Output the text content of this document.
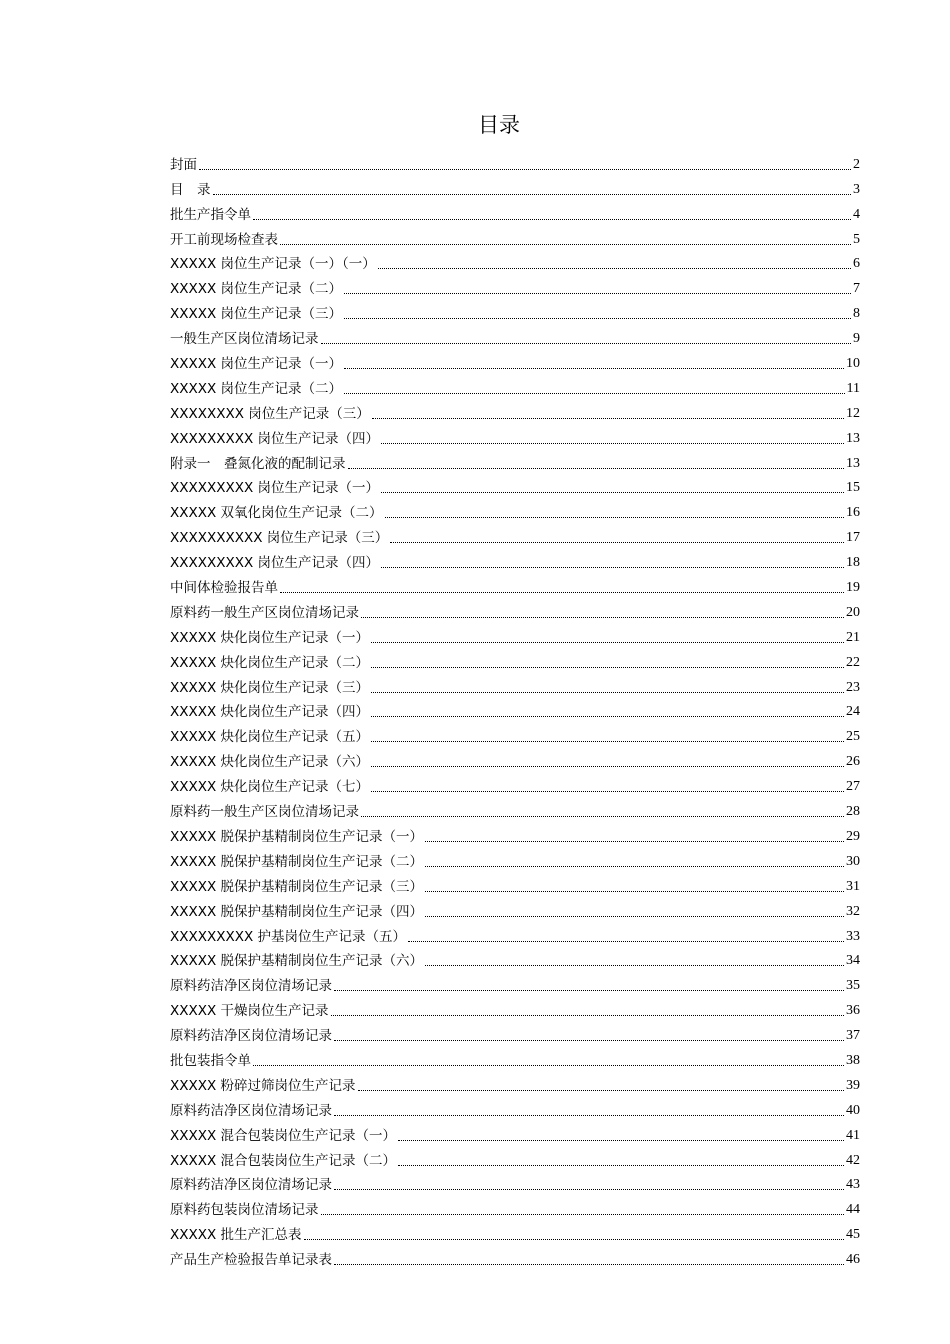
目录
封面	2
目　录	3
批生产指令单	4
开工前现场检查表	5
XXXXX 岗位生产记录（一）（一）	6
XXXXX 岗位生产记录（二）	7
XXXXX 岗位生产记录（三）	8
一般生产区岗位清场记录	9
XXXXX 岗位生产记录（一）	10
XXXXX 岗位生产记录（二）	11
XXXXXXXX 岗位生产记录（三）	12
XXXXXXXXX 岗位生产记录（四）	13
附录一　叠氮化液的配制记录	13
XXXXXXXXX 岗位生产记录（一）	15
XXXXX 双氧化岗位生产记录（二）	16
XXXXXXXXXX 岗位生产记录（三）	17
XXXXXXXXX 岗位生产记录（四）	18
中间体检验报告单	19
原料药一般生产区岗位清场记录	20
XXXXX 炔化岗位生产记录（一）	21
XXXXX 炔化岗位生产记录（二）	22
XXXXX 炔化岗位生产记录（三）	23
XXXXX 炔化岗位生产记录（四）	24
XXXXX 炔化岗位生产记录（五）	25
XXXXX 炔化岗位生产记录（六）	26
XXXXX 炔化岗位生产记录（七）	27
原料药一般生产区岗位清场记录	28
XXXXX 脱保护基精制岗位生产记录（一）	29
XXXXX 脱保护基精制岗位生产记录（二）	30
XXXXX 脱保护基精制岗位生产记录（三）	31
XXXXX 脱保护基精制岗位生产记录（四）	32
XXXXXXXXX 护基岗位生产记录（五）	33
XXXXX 脱保护基精制岗位生产记录（六）	34
原料药洁净区岗位清场记录	35
XXXXX 干燥岗位生产记录	36
原料药洁净区岗位清场记录	37
批包装指令单	38
XXXXX 粉碎过筛岗位生产记录	39
原料药洁净区岗位清场记录	40
XXXXX 混合包装岗位生产记录（一）	41
XXXXX 混合包装岗位生产记录（二）	42
原料药洁净区岗位清场记录	43
原料药包装岗位清场记录	44
XXXXX 批生产汇总表	45
产品生产检验报告单记录表	46
